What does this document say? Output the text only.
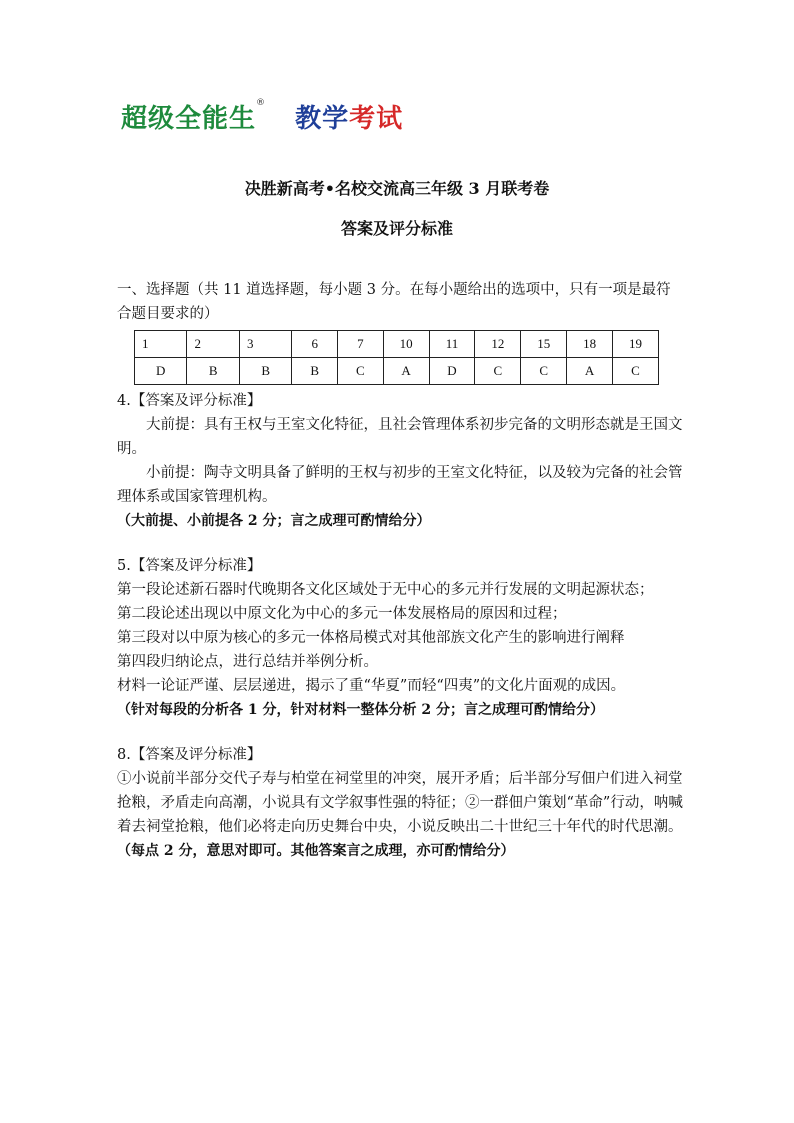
超级全能生® 教学考试
决胜新高考•名校交流高三年级 3 月联考卷
答案及评分标准

一、选择题（共 11 道选择题，每小题 3 分。在每小题给出的选项中，只有一项是最符合题目要求的）

1	2	3	6	7	10	11	12	15	18	19
D	B	B	B	C	A	D	C	C	A	C

4.【答案及评分标准】

大前提：具有王权与王室文化特征，且社会管理体系初步完备的文明形态就是王国文明。

小前提：陶寺文明具备了鲜明的王权与初步的王室文化特征，以及较为完备的社会管理体系或国家管理机构。

（大前提、小前提各 2 分；言之成理可酌情给分）

5.【答案及评分标准】

第一段论述新石器时代晚期各文化区域处于无中心的多元并行发展的文明起源状态；

第二段论述出现以中原文化为中心的多元一体发展格局的原因和过程；

第三段对以中原为核心的多元一体格局模式对其他部族文化产生的影响进行阐释

第四段归纳论点，进行总结并举例分析。

材料一论证严谨、层层递进，揭示了重“华夏”而轻“四夷”的文化片面观的成因。

（针对每段的分析各 1 分，针对材料一整体分析 2 分；言之成理可酌情给分）

8.【答案及评分标准】

①小说前半部分交代子寿与柏堂在祠堂里的冲突，展开矛盾；后半部分写佃户们进入祠堂抢粮，矛盾走向高潮，小说具有文学叙事性强的特征；②一群佃户策划“革命”行动，呐喊着去祠堂抢粮，他们必将走向历史舞台中央，小说反映出二十世纪三十年代的时代思潮。

（每点 2 分，意思对即可。其他答案言之成理，亦可酌情给分）
